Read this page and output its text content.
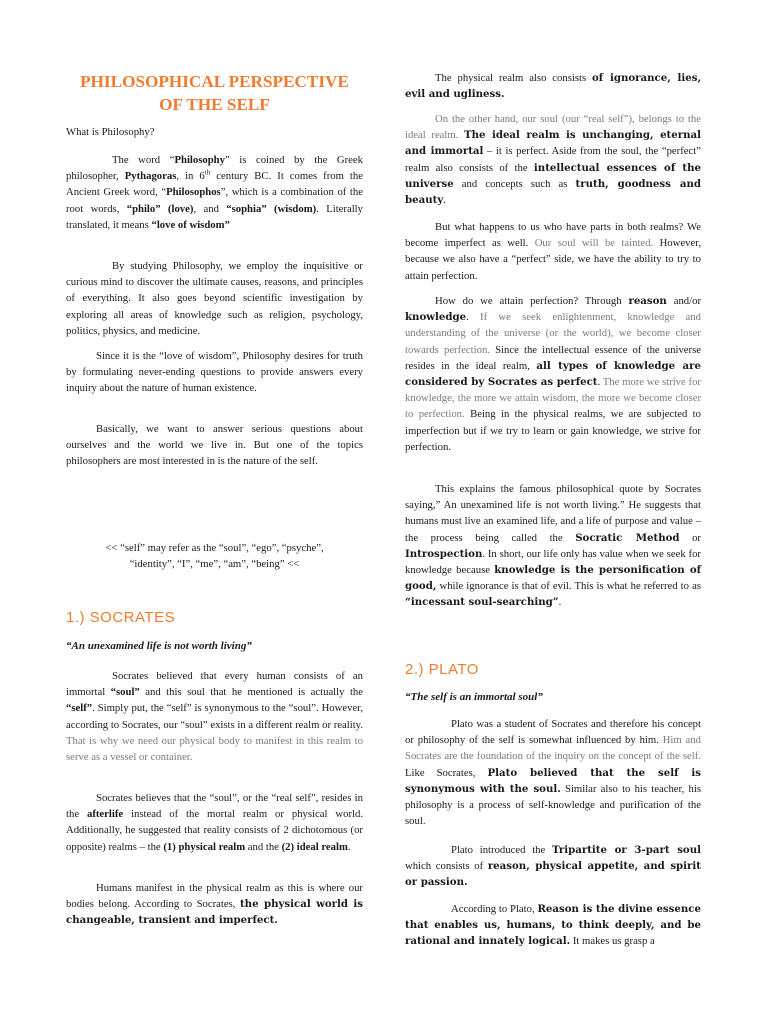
PHILOSOPHICAL PERSPECTIVE
OF THE SELF

What is Philosophy?

The word “Philosophy” is coined by the Greek philosopher, Pythagoras, in 6th century BC. It comes from the Ancient Greek word, “Philosophos”, which is a combination of the root words, “philo” (love), and “sophia” (wisdom). Literally translated, it means “love of wisdom”

By studying Philosophy, we employ the inquisitive or curious mind to discover the ultimate causes, reasons, and principles of everything. It also goes beyond scientific investigation by exploring all areas of knowledge such as religion, psychology, politics, physics, and medicine.

Since it is the “love of wisdom”, Philosophy desires for truth by formulating never-ending questions to provide answers every inquiry about the nature of human existence.

Basically, we want to answer serious questions about ourselves and the world we live in. But one of the topics philosophers are most interested in is the nature of the self.

<< “self” may refer as the “soul”, “ego”, “psyche”,

“identity”, “I”, “me”, “am”, “being” <<

1.) SOCRATES
“An unexamined life is not worth living”

Socrates believed that every human consists of an immortal “soul” and this soul that he mentioned is actually the “self”. Simply put, the “self” is synonymous to the “soul”. However, according to Socrates, our “soul” exists in a different realm or reality. That is why we need our physical body to manifest in this realm to serve as a vessel or container.

Socrates believes that the “soul”, or the “real self”, resides in the afterlife instead of the mortal realm or physical world. Additionally, he suggested that reality consists of 2 dichotomous (or opposite) realms – the (1) physical realm and the (2) ideal realm.

Humans manifest in the physical realm as this is where our bodies belong. According to Socrates, the physical world is changeable, transient and imperfect.

The physical realm also consists of ignorance, lies, evil and ugliness.

On the other hand, our soul (our “real self”), belongs to the ideal realm. The ideal realm is unchanging, eternal and immortal – it is perfect. Aside from the soul, the “perfect” realm also consists of the intellectual essences of the universe and concepts such as truth, goodness and beauty.

But what happens to us who have parts in both realms? We become imperfect as well. Our soul will be tainted. However, because we also have a “perfect” side, we have the ability to try to attain perfection.

How do we attain perfection? Through reason and/or knowledge. If we seek enlightenment, knowledge and understanding of the universe (or the world), we become closer towards perfection. Since the intellectual essence of the universe resides in the ideal realm, all types of knowledge are considered by Socrates as perfect. The more we strive for knowledge, the more we attain wisdom, the more we become closer to perfection. Being in the physical realms, we are subjected to imperfection but if we try to learn or gain knowledge, we strive for perfection.

This explains the famous philosophical quote by Socrates saying,” An unexamined life is not worth living.” He suggests that humans must live an examined life, and a life of purpose and value – the process being called the Socratic Method or Introspection. In short, our life only has value when we seek for knowledge because knowledge is the personification of good, while ignorance is that of evil. This is what he referred to as “incessant soul-searching”.

2.) PLATO
“The self is an immortal soul”

Plato was a student of Socrates and therefore his concept or philosophy of the self is somewhat influenced by him. Him and Socrates are the foundation of the inquiry on the concept of the self. Like Socrates, Plato believed that the self is synonymous with the soul. Similar also to his teacher, his philosophy is a process of self-knowledge and purification of the soul.

Plato introduced the Tripartite or 3-part soul which consists of reason, physical appetite, and spirit or passion.

According to Plato, Reason is the divine essence that enables us, humans, to think deeply, and be rational and innately logical. It makes us grasp a
